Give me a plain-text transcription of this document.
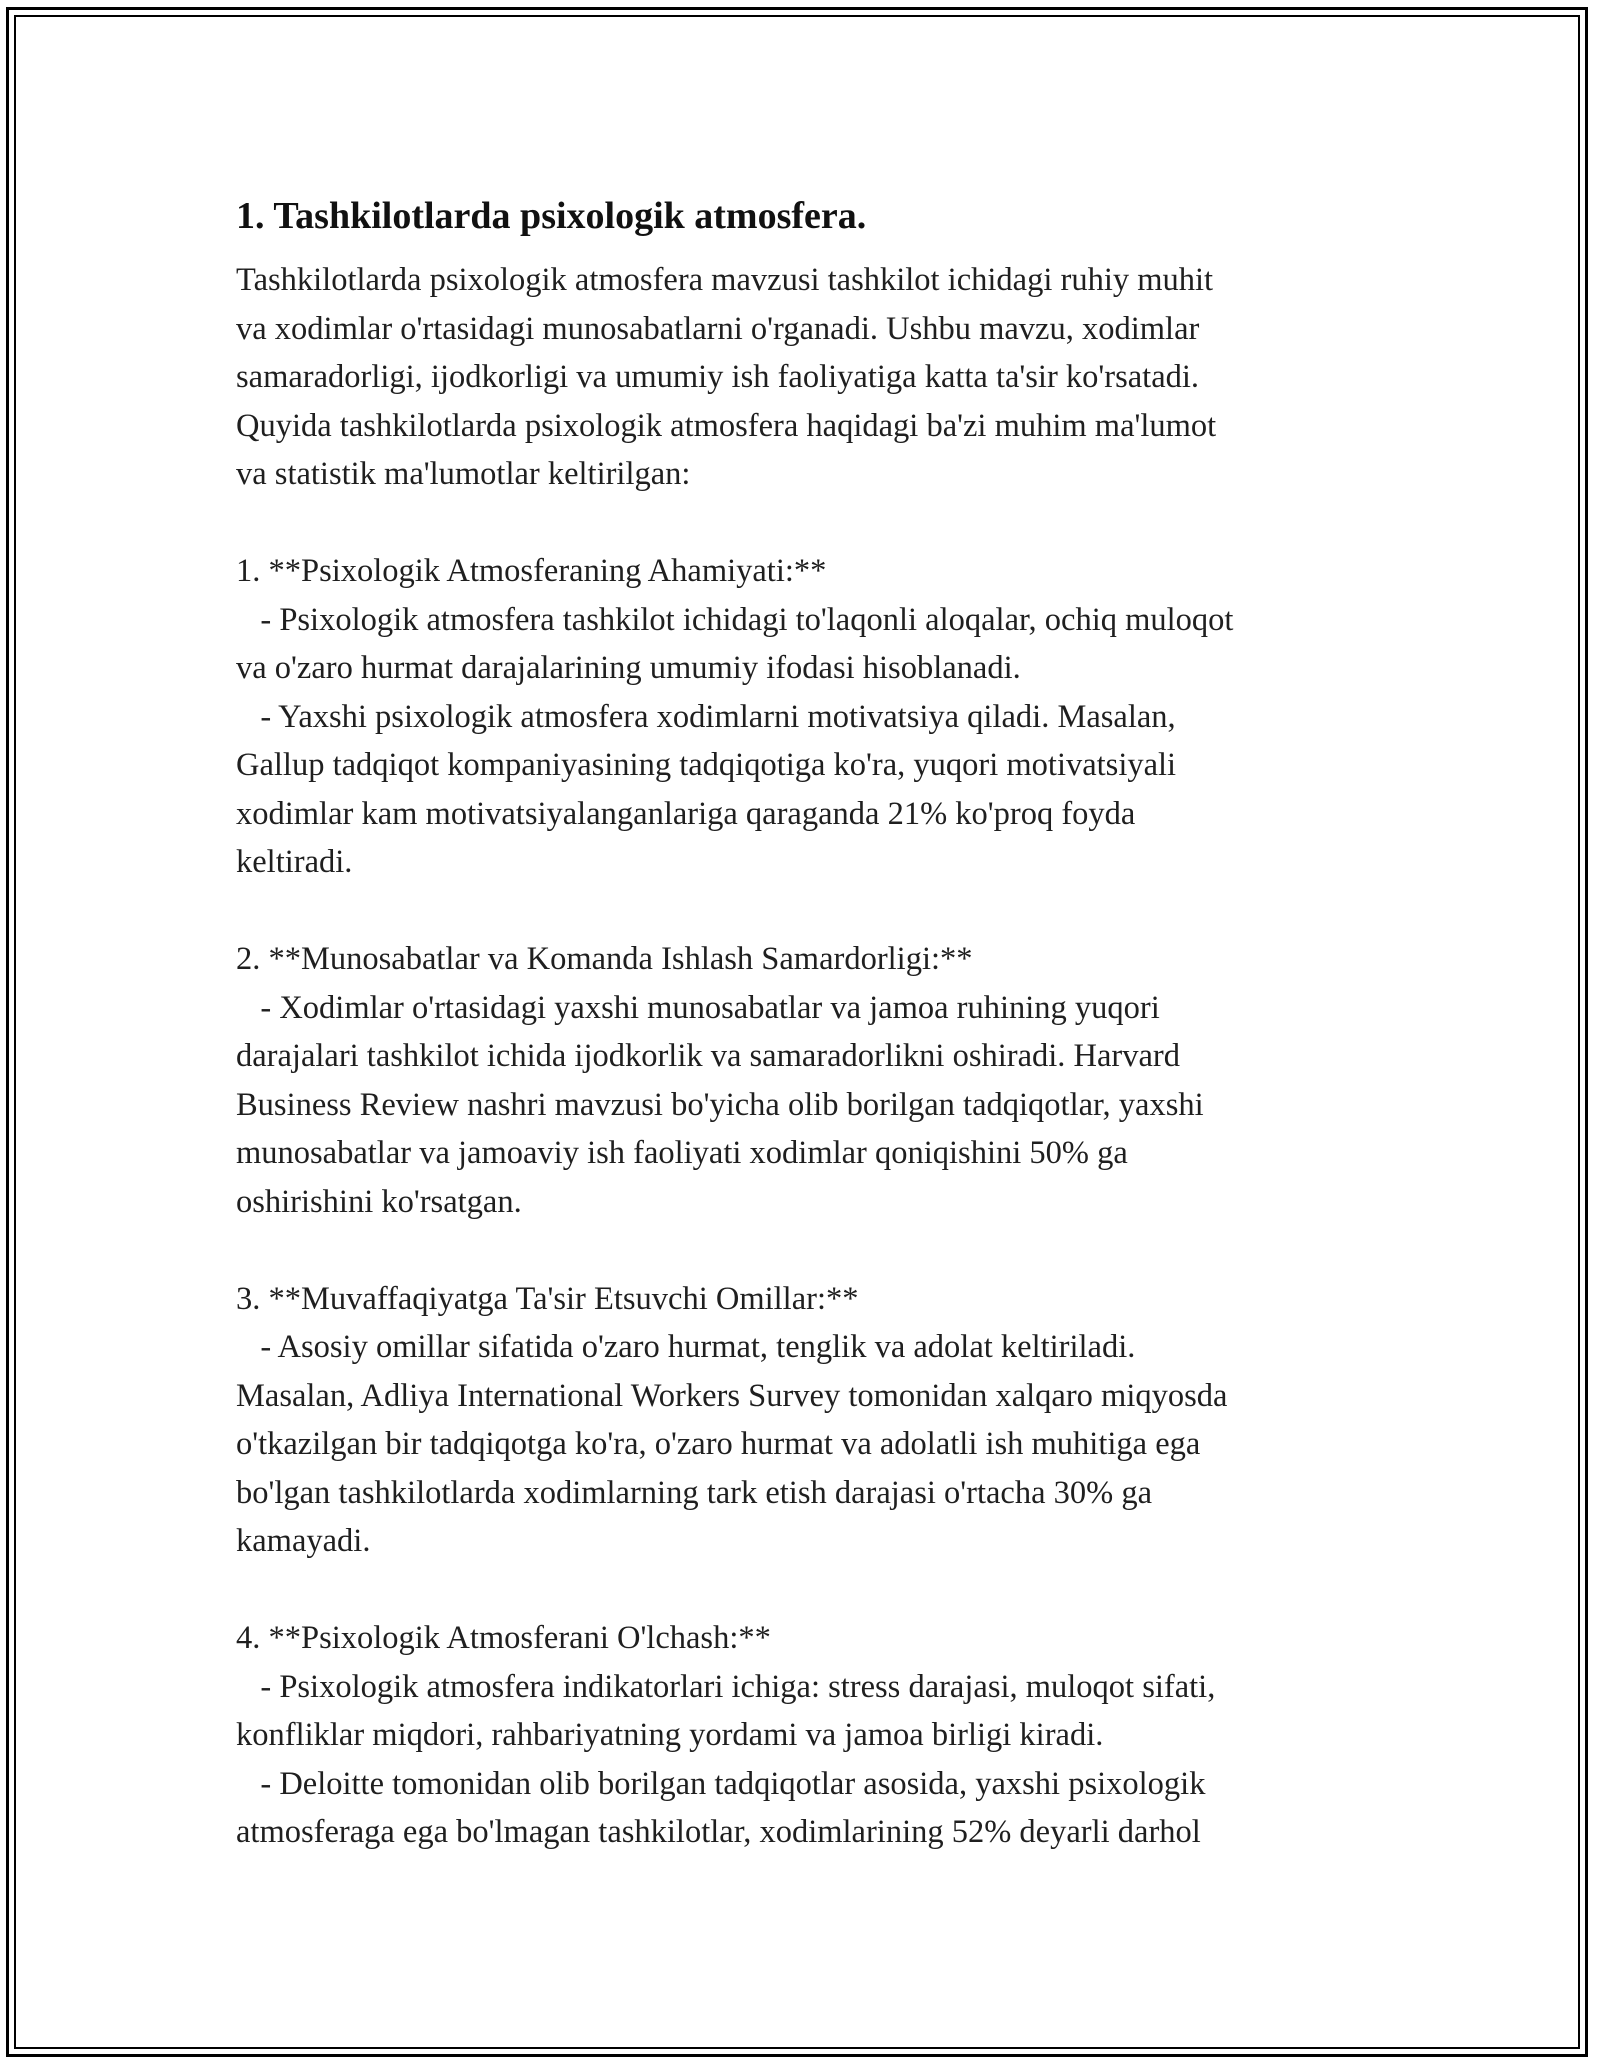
1. Tashkilotlarda psixologik atmosfera.
Tashkilotlarda psixologik atmosfera mavzusi tashkilot ichidagi ruhiy muhit
va xodimlar o'rtasidagi munosabatlarni o'rganadi. Ushbu mavzu, xodimlar
samaradorligi, ijodkorligi va umumiy ish faoliyatiga katta ta'sir ko'rsatadi.
Quyida tashkilotlarda psixologik atmosfera haqidagi ba'zi muhim ma'lumot
va statistik ma'lumotlar keltirilgan:
1. **Psixologik Atmosferaning Ahamiyati:**
- Psixologik atmosfera tashkilot ichidagi to'laqonli aloqalar, ochiq muloqot
va o'zaro hurmat darajalarining umumiy ifodasi hisoblanadi.
- Yaxshi psixologik atmosfera xodimlarni motivatsiya qiladi. Masalan,
Gallup tadqiqot kompaniyasining tadqiqotiga ko'ra, yuqori motivatsiyali
xodimlar kam motivatsiyalanganlariga qaraganda 21% ko'proq foyda
keltiradi.
2. **Munosabatlar va Komanda Ishlash Samardorligi:**
- Xodimlar o'rtasidagi yaxshi munosabatlar va jamoa ruhining yuqori
darajalari tashkilot ichida ijodkorlik va samaradorlikni oshiradi. Harvard
Business Review nashri mavzusi bo'yicha olib borilgan tadqiqotlar, yaxshi
munosabatlar va jamoaviy ish faoliyati xodimlar qoniqishini 50% ga
oshirishini ko'rsatgan.
3. **Muvaffaqiyatga Ta'sir Etsuvchi Omillar:**
- Asosiy omillar sifatida o'zaro hurmat, tenglik va adolat keltiriladi.
Masalan, Adliya International Workers Survey tomonidan xalqaro miqyosda
o'tkazilgan bir tadqiqotga ko'ra, o'zaro hurmat va adolatli ish muhitiga ega
bo'lgan tashkilotlarda xodimlarning tark etish darajasi o'rtacha 30% ga
kamayadi.
4. **Psixologik Atmosferani O'lchash:**
- Psixologik atmosfera indikatorlari ichiga: stress darajasi, muloqot sifati,
konfliklar miqdori, rahbariyatning yordami va jamoa birligi kiradi.
- Deloitte tomonidan olib borilgan tadqiqotlar asosida, yaxshi psixologik
atmosferaga ega bo'lmagan tashkilotlar, xodimlarining 52% deyarli darhol
